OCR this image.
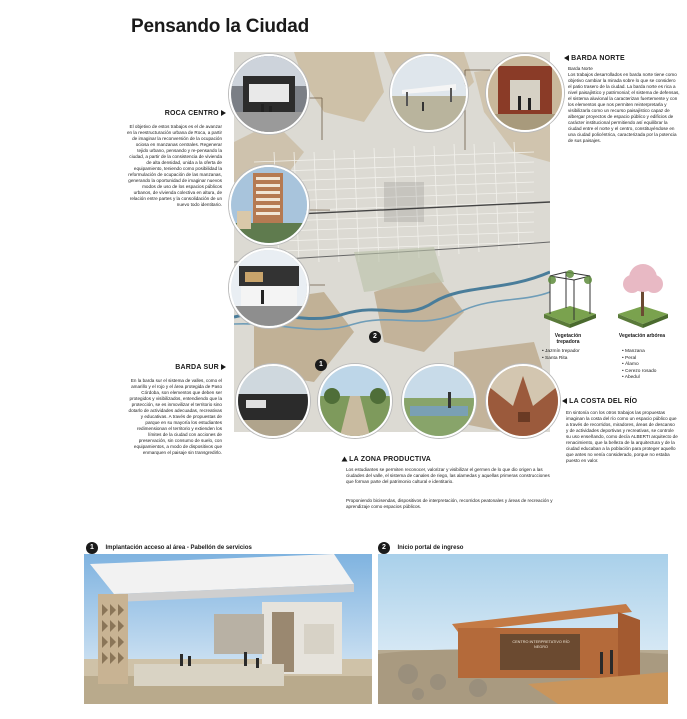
Pensando la Ciudad
2
1
ROCA CENTRO
El objetivo de estos trabajos es el de avanzar en la reestructuración urbana de Roca, a partir de imaginar la reconversión de la ocupación ociosa en manzanas centrales. Regenerar tejido urbano, pensando y re-pensando la ciudad, a partir de la consistencia de vivienda de alta densidad, unida a la oferta de equipamiento, teniendo como posibilidad la reformulación de ocupación de las manzanas, generando la oportunidad de imaginar nuevos modos de uso de los espacios públicos urbanos, de vivienda colectiva en altura, de relación entre partes y la consolidación de un nuevo todo identitario.
BARDA NORTE
Barda Norte
Los trabajos desarrollados en barda norte tiene como objetivo cambiar la mirada sobre lo que se considero el patio trasero de la ciudad. La barda norte es rica a nivel paisajístico y patrimonial; el sistema de defensas, el sistema aluvional la caracterizan fuertemente y con los elementos que nos permiten reinterpretarla y visibilizarla como un recurso paisajístico capaz de albergar proyectos de espacio público y edificios de carácter institucional permitiendo así equilibrar la ciudad entre el norte y el centro, constituyéndose en una ciudad policéntrica, caracterizada por la potencia de sus paisajes.
BARDA SUR
En la barda sur el sistema de valles, como el amarillo y el rojo y el área protegida de Paso Córdoba, son elementos que deben ser protegidos y visibilizados, entendiendo que la protección, se es inmovilizar el territorio sino dotarlo de actividades adecuadas, recreativas y educativas. A través de propuestas de parque en su mayoría los estudiantes redimensionan el territorio y extienden los límites de la ciudad con acciones de preservación, sin consumo de suelo, con equipamientos, a modo de dispositivos que enmarquen el paisaje sin transgredirlo.
LA ZONA PRODUCTIVA
Los estudiantes se permiten reconocer, valorizar y visibilizar el germen de lo que dio origen a las ciudades del valle, el sistema de canales de riego, las alamedas y aquellas primeras construcciones que forman parte del patrimonio cultural e identitario.
Proponiendo bicisendas, dispositivos de interpretación, recorridos peatonales y áreas de recreación y aprendizaje como espacios públicos.
LA COSTA DEL RÍO
En sintonía con los otros trabajos las propuestas imaginan la costa del río como un espacio público que a través de recorridos, miradores, áreas de descanso y de actividades deportivas y recreativas, se controle su uso enseñando, como decía ALBERTI arquitecto de renacimiento, que la belleza de la arquitectura y de la ciudad educaban a la población para proteger aquello que antes no venía considerado, porque no estaba puesto en valor.
Vegetación trepadora
• Jazmín trepador
• Santa Rita
Vegetación arbórea
• Manzana
• Peral
• Álamo
• Cerezo rosado
• Abedul
1 Implantación acceso al área - Pabellón de servicios	2 Inicio portal de ingreso
CENTRO INTERPRETATIVO RÍO NEGRO
